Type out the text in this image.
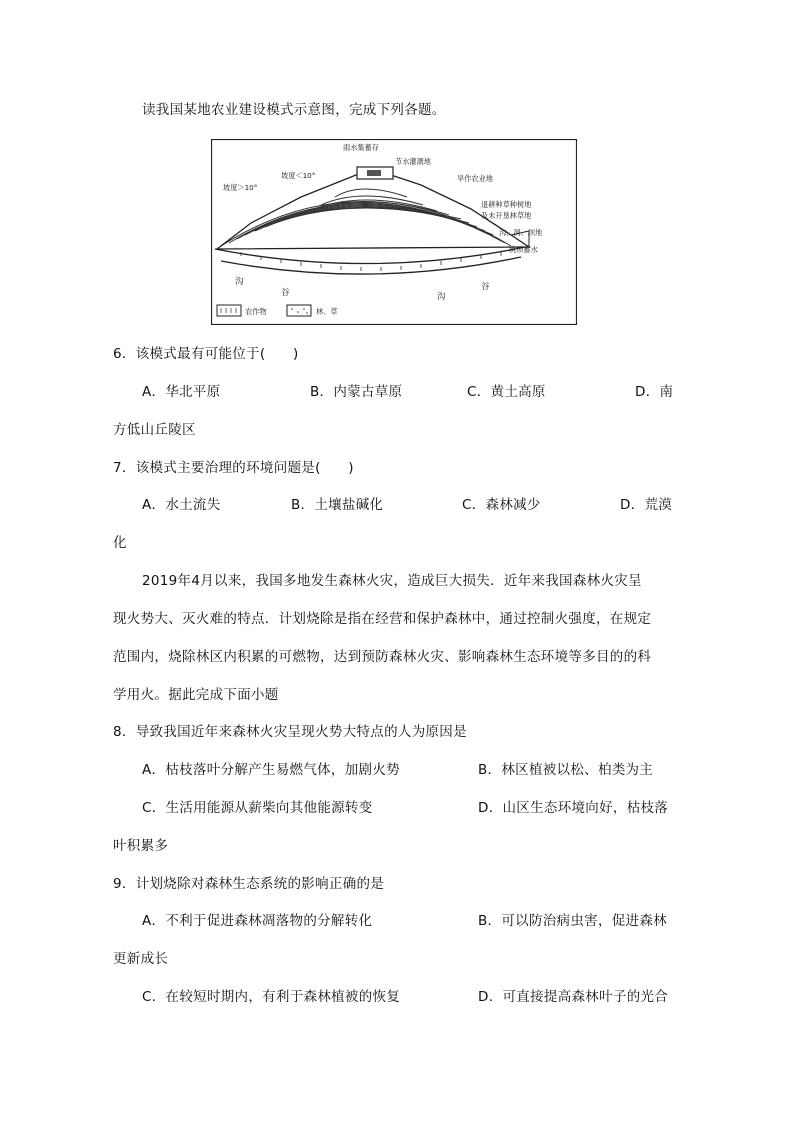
读我国某地农业建设模式示意图，完成下列各题。
雨水集蓄存
节水灌溉地
坡度＜10°
坡度＞10°
旱作农业地
退耕种草种树地
及未开垦林草地
沟、洞、坝地
筑坝蓄水
沟
谷	沟
谷
农作物	林、草
6．该模式最有可能位于(　　)
A．华北平原	B．内蒙古草原	C．黄土高原	D．南
方低山丘陵区
7．该模式主要治理的环境问题是(　　)
A．水土流失	B．土壤盐碱化	C．森林减少	D．荒漠
化
2019年4月以来，我国多地发生森林火灾，造成巨大损失．近年来我国森林火灾呈
现火势大、灭火难的特点．计划烧除是指在经营和保护森林中，通过控制火强度，在规定
范围内，烧除林区内积累的可燃物，达到预防森林火灾、影响森林生态环境等多目的的科
学用火。据此完成下面小题
8．导致我国近年来森林火灾呈现火势大特点的人为原因是
A．枯枝落叶分解产生易燃气体，加剧火势	B．林区植被以松、柏类为主
C．生活用能源从薪柴向其他能源转变	D．山区生态环境向好，枯枝落
叶积累多
9．计划烧除对森林生态系统的影响正确的是
A．不利于促进森林凋落物的分解转化	B．可以防治病虫害，促进森林
更新成长
C．在较短时期内，有利于森林植被的恢复	D．可直接提高森林叶子的光合
